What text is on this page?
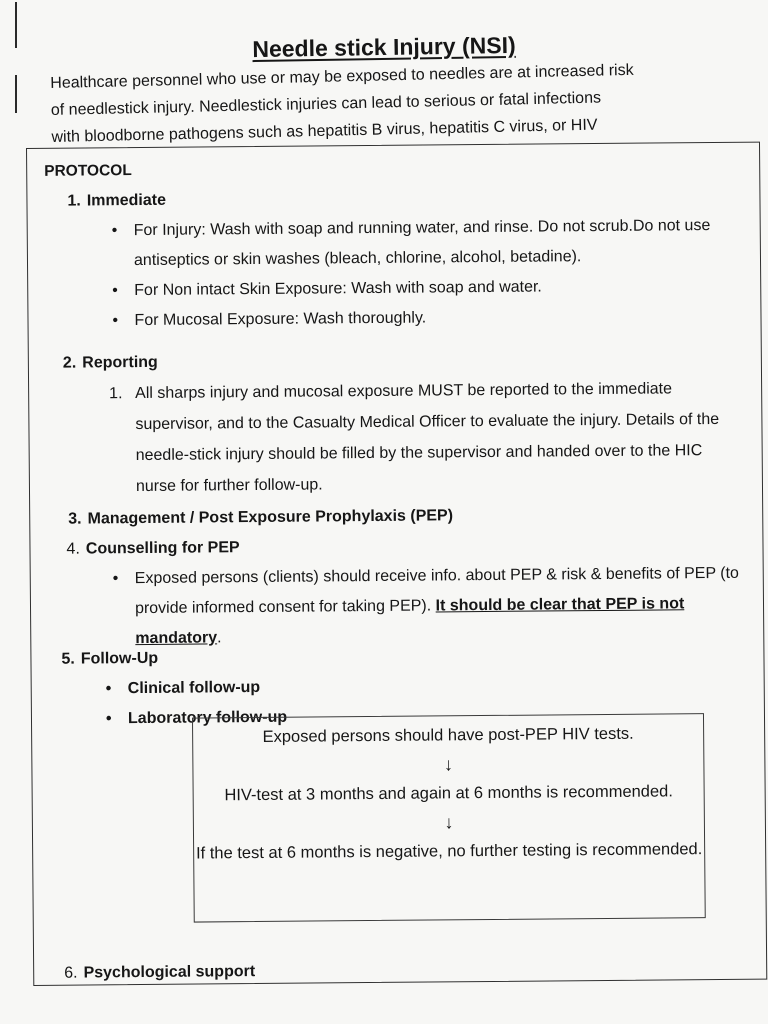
Needle stick Injury (NSI)

Healthcare personnel who use or may be exposed to needles are at increased risk

of needlestick injury. Needlestick injuries can lead to serious or fatal infections

with bloodborne pathogens such as hepatitis B virus, hepatitis C virus, or HIV

PROTOCOL
1. Immediate
• For Injury: Wash with soap and running water, and rinse. Do not scrub.Do not use antiseptics or skin washes (bleach, chlorine, alcohol, betadine).
• For Non intact Skin Exposure: Wash with soap and water.
• For Mucosal Exposure: Wash thoroughly.
2. Reporting
1. All sharps injury and mucosal exposure MUST be reported to the immediate supervisor, and to the Casualty Medical Officer to evaluate the injury. Details of the needle-stick injury should be filled by the supervisor and handed over to the HIC nurse for further follow-up.
3. Management / Post Exposure Prophylaxis (PEP)
4. Counselling for PEP
• Exposed persons (clients) should receive info. about PEP & risk & benefits of PEP (to provide informed consent for taking PEP). It should be clear that PEP is not mandatory.
5. Follow-Up
• Clinical follow-up
• Laboratory follow-up
Exposed persons should have post-PEP HIV tests.
↓
HIV-test at 3 months and again at 6 months is recommended.
↓
If the test at 6 months is negative, no further testing is recommended.
6. Psychological support
